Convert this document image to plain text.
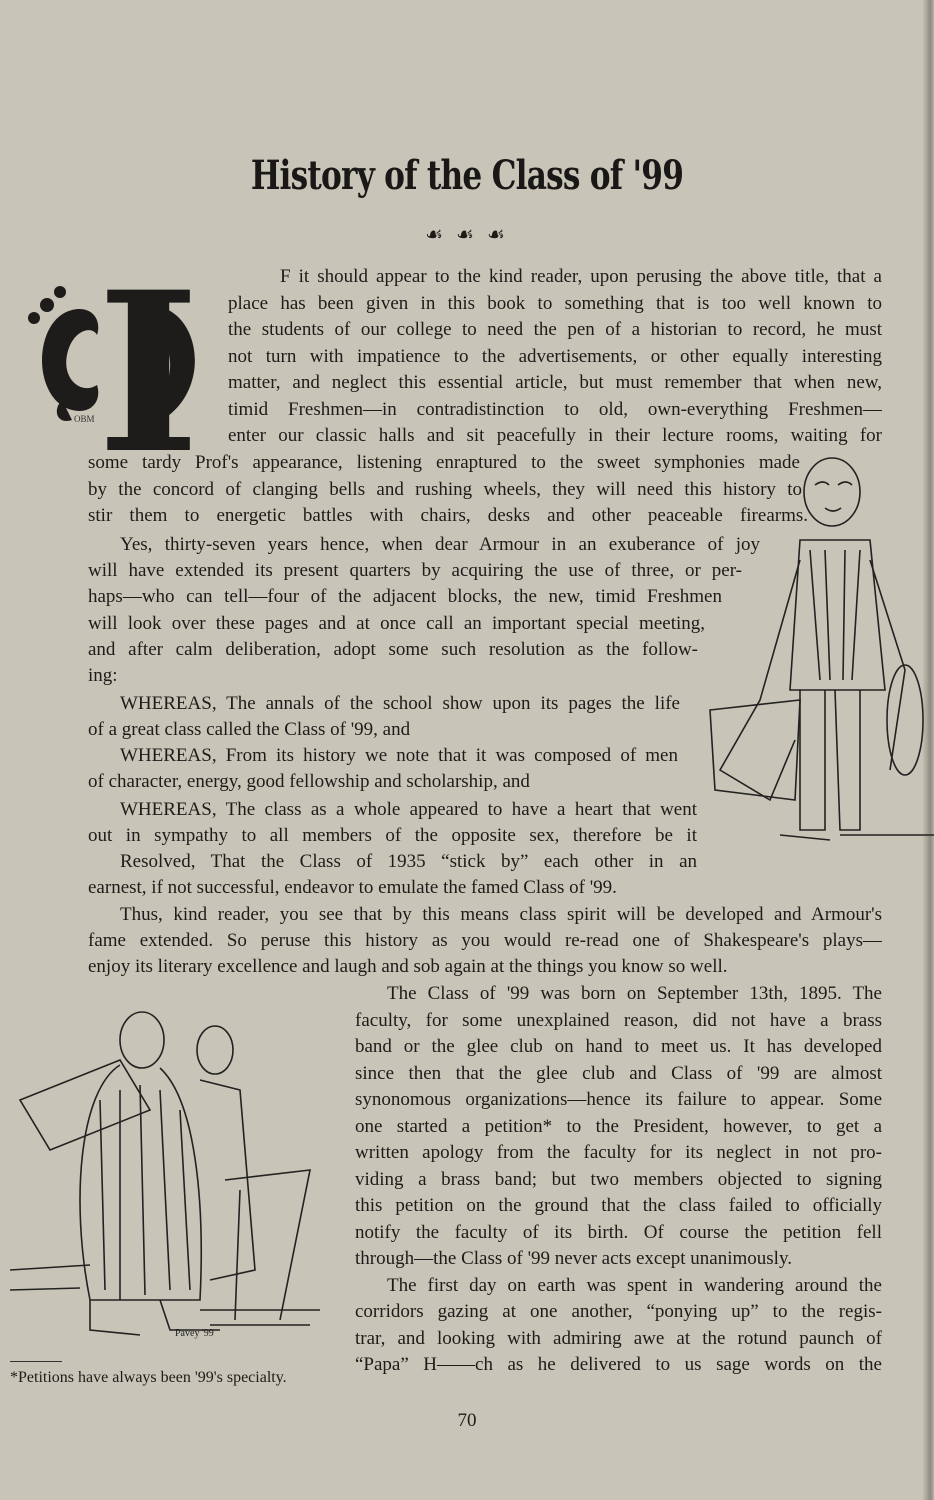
History of the Class of '99
☙ ☙ ☙
I
OBM
Pavey '99
F it should appear to the kind reader, upon perusing the above title, that a
place has been given in this book to something that is too well known to
the students of our college to need the pen of a historian to record, he must
not turn with impatience to the advertisements, or other equally interesting
matter, and neglect this essential article, but must remember that when new,
timid Freshmen—in contradistinction to old, own-everything Freshmen—
enter our classic halls and sit peacefully in their lecture rooms, waiting for
some tardy Prof's appearance, listening enraptured to the sweet symphonies made
by the concord of clanging bells and rushing wheels, they will need this history to
stir them to energetic battles with chairs, desks and other peaceable firearms.
Yes, thirty-seven years hence, when dear Armour in an exuberance of joy
will have extended its present quarters by acquiring the use of three, or per-
haps—who can tell—four of the adjacent blocks, the new, timid Freshmen
will look over these pages and at once call an important special meeting,
and after calm deliberation, adopt some such resolution as the follow-
ing:
WHEREAS, The annals of the school show upon its pages the life
of a great class called the Class of '99, and
WHEREAS, From its history we note that it was composed of men
of character, energy, good fellowship and scholarship, and
WHEREAS, The class as a whole appeared to have a heart that went
out in sympathy to all members of the opposite sex, therefore be it
Resolved, That the Class of 1935 “stick by” each other in an
earnest, if not successful, endeavor to emulate the famed Class of '99.
Thus, kind reader, you see that by this means class spirit will be developed and Armour's
fame extended. So peruse this history as you would re-read one of Shakespeare's plays—
enjoy its literary excellence and laugh and sob again at the things you know so well.
The Class of '99 was born on September 13th, 1895. The
faculty, for some unexplained reason, did not have a brass
band or the glee club on hand to meet us. It has developed
since then that the glee club and Class of '99 are almost
synonomous organizations—hence its failure to appear. Some
one started a petition* to the President, however, to get a
written apology from the faculty for its neglect in not pro-
viding a brass band; but two members objected to signing
this petition on the ground that the class failed to officially
notify the faculty of its birth. Of course the petition fell
through—the Class of '99 never acts except unanimously.
The first day on earth was spent in wandering around the
corridors gazing at one another, “ponying up” to the regis-
trar, and looking with admiring awe at the rotund paunch of
“Papa” H——ch as he delivered to us sage words on the
*Petitions have always been '99's specialty.
70
